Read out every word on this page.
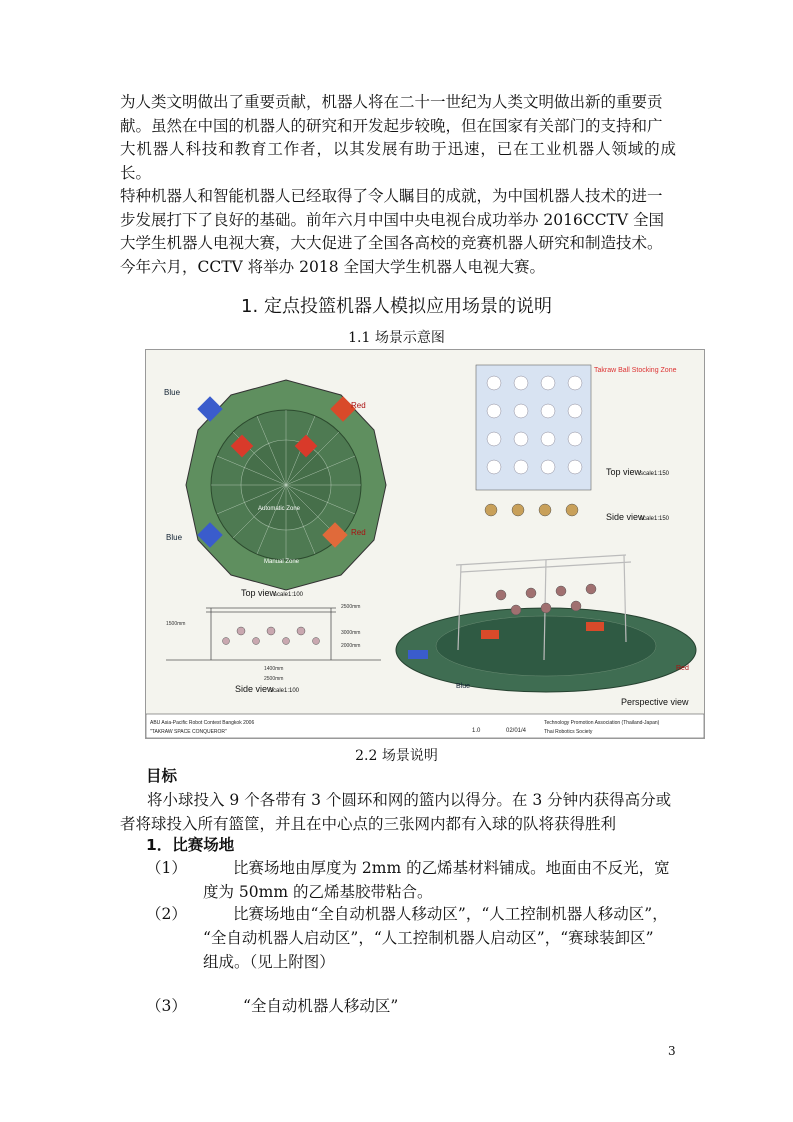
为人类文明做出了重要贡献，机器人将在二十一世纪为人类文明做出新的重要贡
献。虽然在中国的机器人的研究和开发起步较晚，但在国家有关部门的支持和广
大机器人科技和教育工作者，以其发展有助于迅速，已在工业机器人领域的成长。
特种机器人和智能机器人已经取得了令人瞩目的成就，为中国机器人技术的进一
步发展打下了良好的基础。前年六月中国中央电视台成功举办 2016CCTV 全国
大学生机器人电视大赛，大大促进了全国各高校的竞赛机器人研究和制造技术。
今年六月，CCTV 将举办 2018 全国大学生机器人电视大赛。
1. 定点投篮机器人模拟应用场景的说明
1.1 场景示意图
Blue
Red
Blue
Red
Automatic Zone
Manual Zone
Top view
scale1:100
Side view
scale1:100
1500mm
2500mm
3000mm
2000mm
1400mm
2500mm
Takraw Ball Stocking Zone
Top view
scale1:150
Side view
scale1:150
Blue
Red
Perspective view
ABU Asia-Pacific Robot Contest Bangkok 2006
"TAKRAW SPACE CONQUEROR"	1.0	02/01/4
Technology Promotion Association (Thailand-Japan)
Thai Robotics Society
2.2 场景说明
目标
将小球投入 9 个各带有 3 个圆环和网的篮内以得分。在 3 分钟内获得高分或
者将球投入所有篮筐，并且在中心点的三张网内都有入球的队将获得胜利
1．比赛场地
（1）	比赛场地由厚度为 2mm 的乙烯基材料铺成。地面由不反光，宽
度为 50mm 的乙烯基胶带粘合。
（2）	比赛场地由“全自动机器人移动区”，“人工控制机器人移动区”，
“全自动机器人启动区”，“人工控制机器人启动区”，“赛球装卸区”
组成。（见上附图）
（3）	“全自动机器人移动区”
3
